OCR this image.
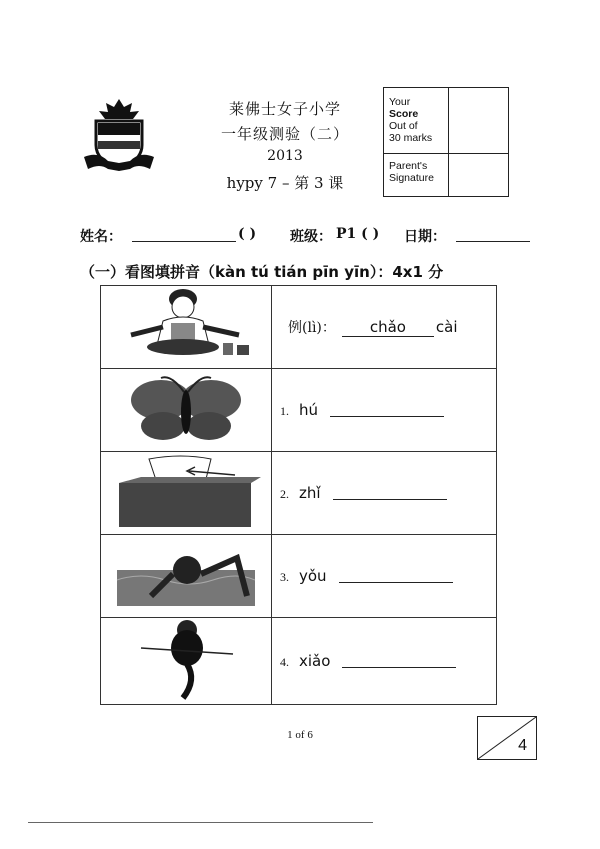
莱佛士女子小学
一年级测验（二）
2013
hypy 7 – 第 3 课
Your
Score
Out of
30 marks
Parent's
Signature
姓名：	( ) 班级： P1 ( ) 日期：
（一）看图填拼音（kàn tú tián pīn yīn）：4x1 分
	例(lì)： chǎo cài
	1. hú
	2. zhǐ
	3. yǒu
	4. xiǎo
1 of 6
4
